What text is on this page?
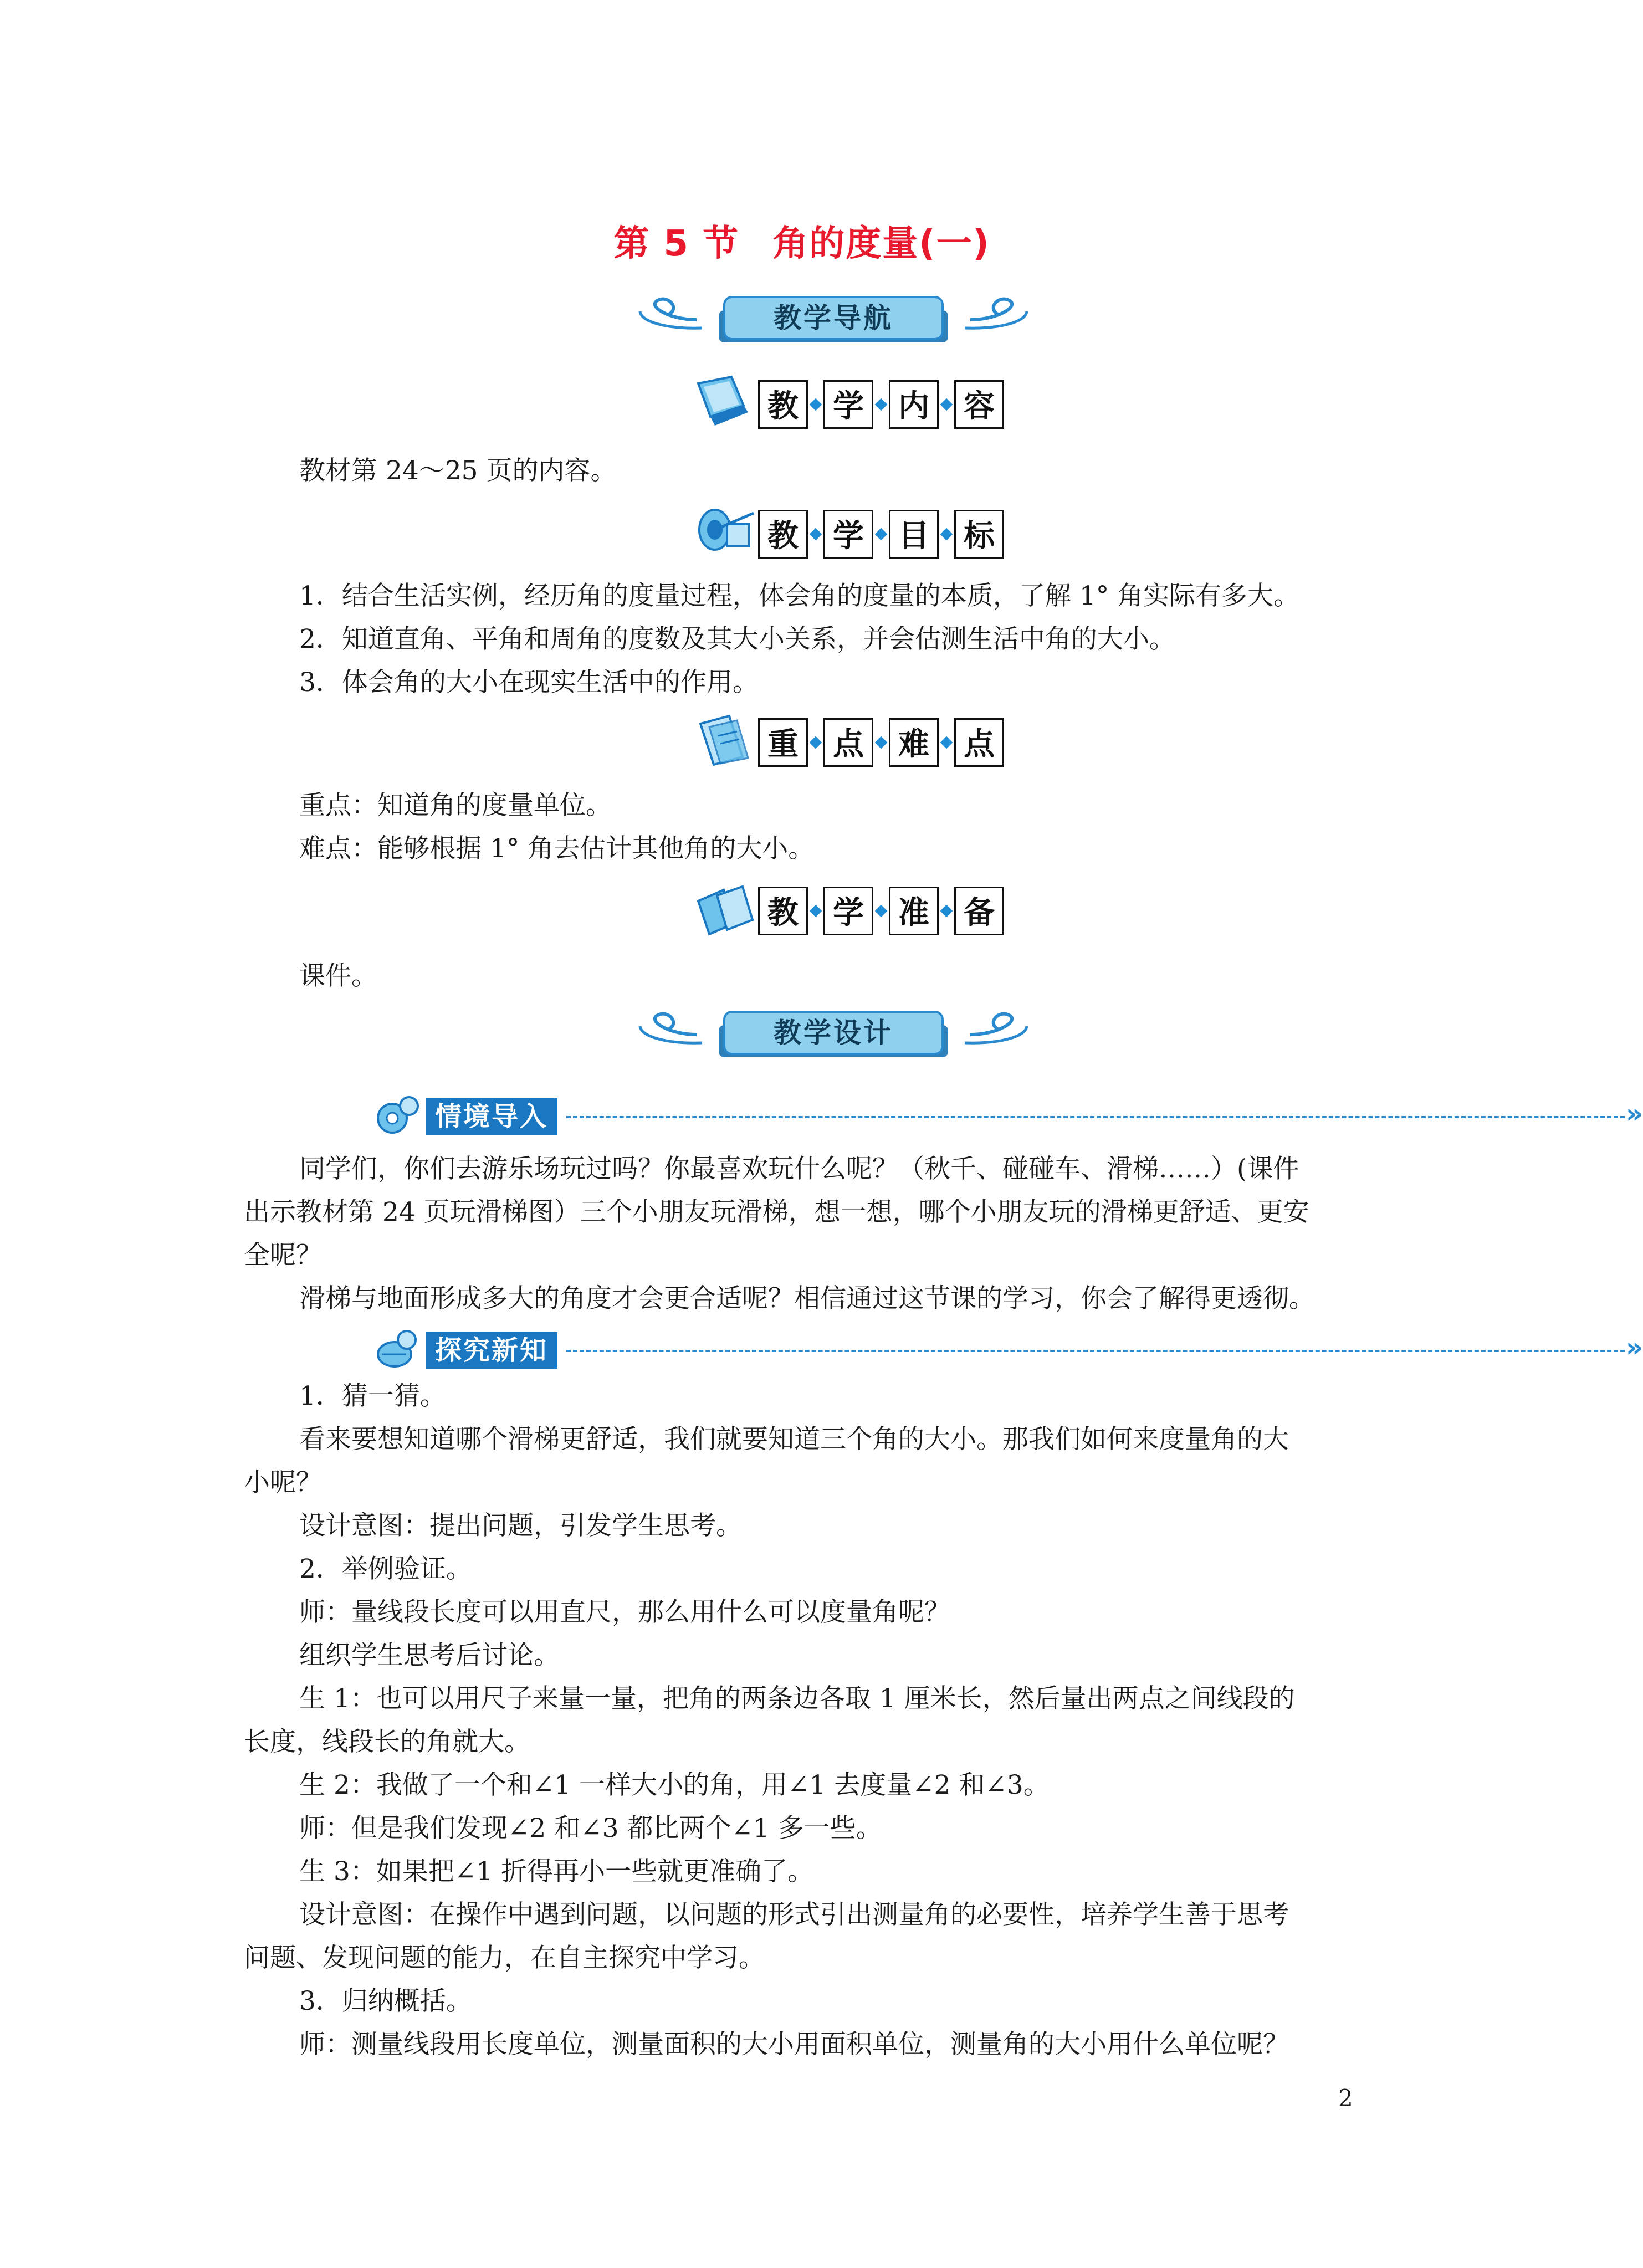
第 5 节 角的度量(一)
教学导航
教	学	内	容
教材第 24～25 页的内容。
教	学	目	标
1．结合生活实例，经历角的度量过程，体会角的度量的本质，了解 1° 角实际有多大。
2．知道直角、平角和周角的度数及其大小关系，并会估测生活中角的大小。
3．体会角的大小在现实生活中的作用。
重	点	难	点
重点：知道角的度量单位。
难点：能够根据 1° 角去估计其他角的大小。
教	学	准	备
课件。
教学设计
情境导入	»
同学们，你们去游乐场玩过吗？你最喜欢玩什么呢？（秋千、碰碰车、滑梯……）(课件
出示教材第 24 页玩滑梯图）三个小朋友玩滑梯，想一想，哪个小朋友玩的滑梯更舒适、更安
全呢？
滑梯与地面形成多大的角度才会更合适呢？相信通过这节课的学习，你会了解得更透彻。
探究新知	»
1．猜一猜。
看来要想知道哪个滑梯更舒适，我们就要知道三个角的大小。那我们如何来度量角的大
小呢？
设计意图：提出问题，引发学生思考。
2．举例验证。
师：量线段长度可以用直尺，那么用什么可以度量角呢？
组织学生思考后讨论。
生 1：也可以用尺子来量一量，把角的两条边各取 1 厘米长，然后量出两点之间线段的
长度，线段长的角就大。
生 2：我做了一个和∠1 一样大小的角，用∠1 去度量∠2 和∠3。
师：但是我们发现∠2 和∠3 都比两个∠1 多一些。
生 3：如果把∠1 折得再小一些就更准确了。
设计意图：在操作中遇到问题，以问题的形式引出测量角的必要性，培养学生善于思考
问题、发现问题的能力，在自主探究中学习。
3．归纳概括。
师：测量线段用长度单位，测量面积的大小用面积单位，测量角的大小用什么单位呢？
2
